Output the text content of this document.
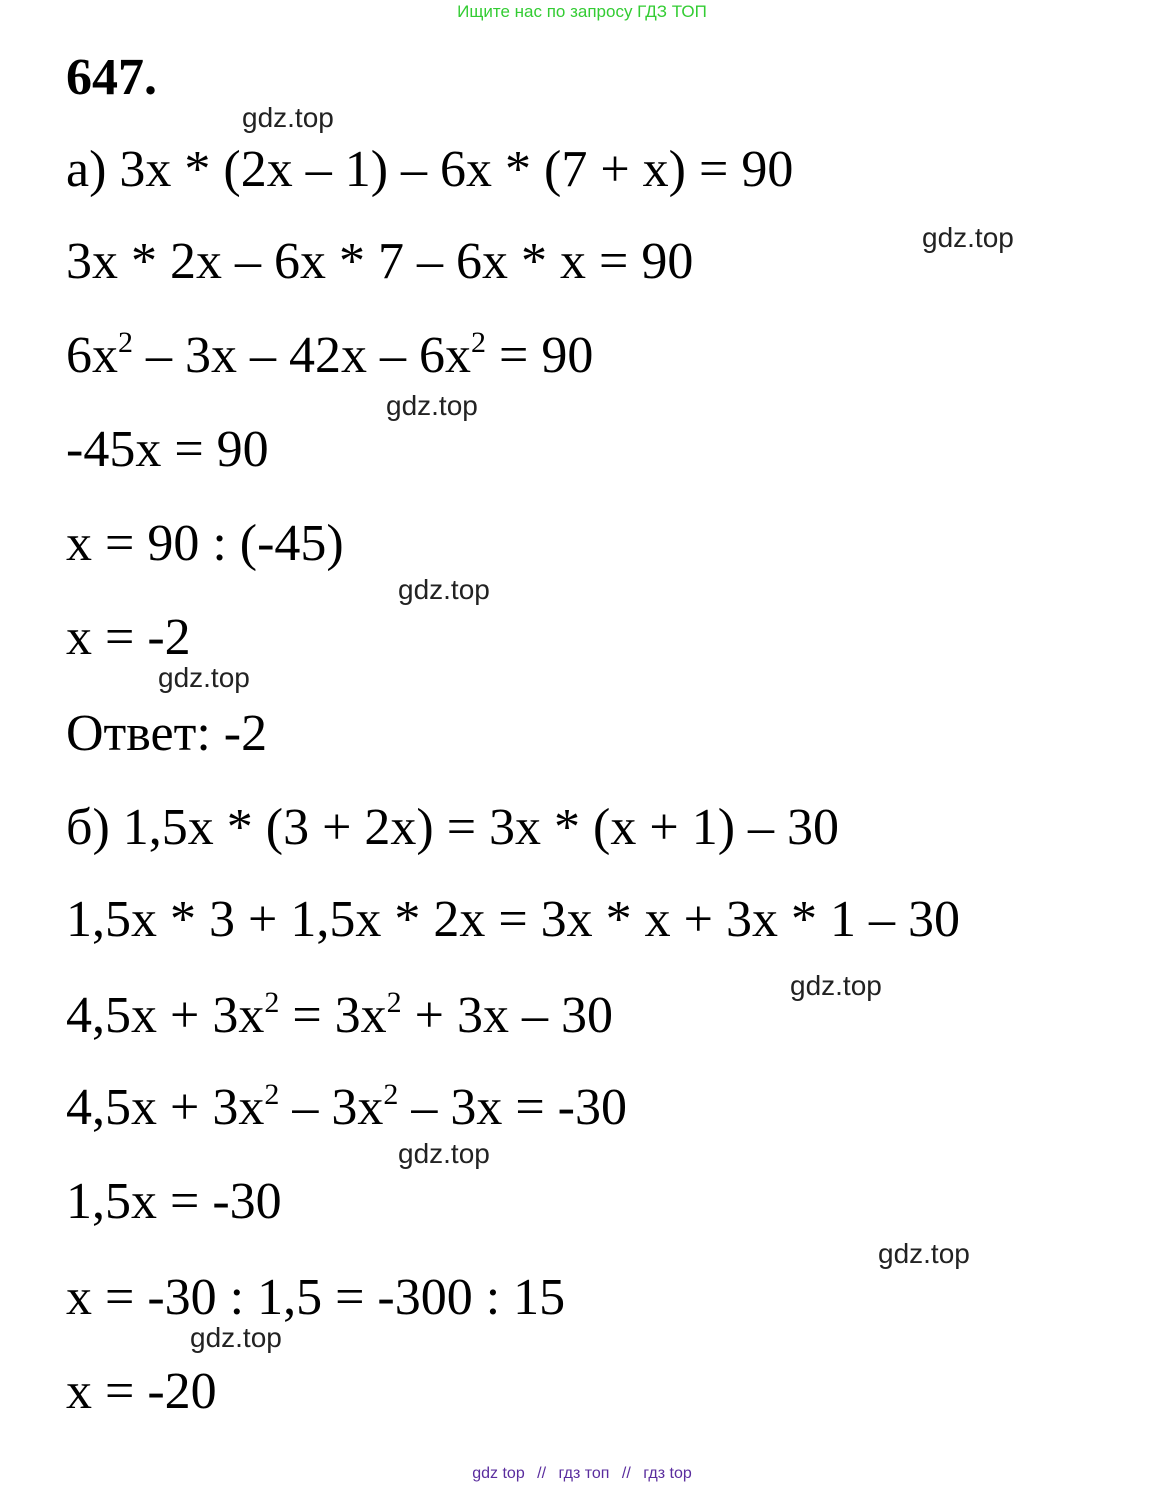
Ищите нас по запросу ГДЗ ТОП
647.
а) 3x * (2x – 1) – 6x * (7 + x) = 90
3x * 2x – 6x * 7 – 6x * x = 90
$6x^2 - 3x - 42x - 6x^2 = 90$
-45x = 90
x = 90 : (-45)
x = -2
Ответ: -2
б) 1,5x * (3 + 2x) = 3x * (x + 1) – 30
1,5x * 3 + 1,5x * 2x = 3x * x + 3x * 1 – 30
$4,5x + 3x^2 = 3x^2 + 3x - 30$
$4,5x + 3x^2 - 3x^2 - 3x = -30$
1,5x = -30
x = -30 : 1,5 = -300 : 15
x = -20
gdz.top
gdz.top
gdz.top
gdz.top
gdz.top
gdz.top
gdz.top
gdz.top
gdz.top
gdz top // гдз топ // гдз top
